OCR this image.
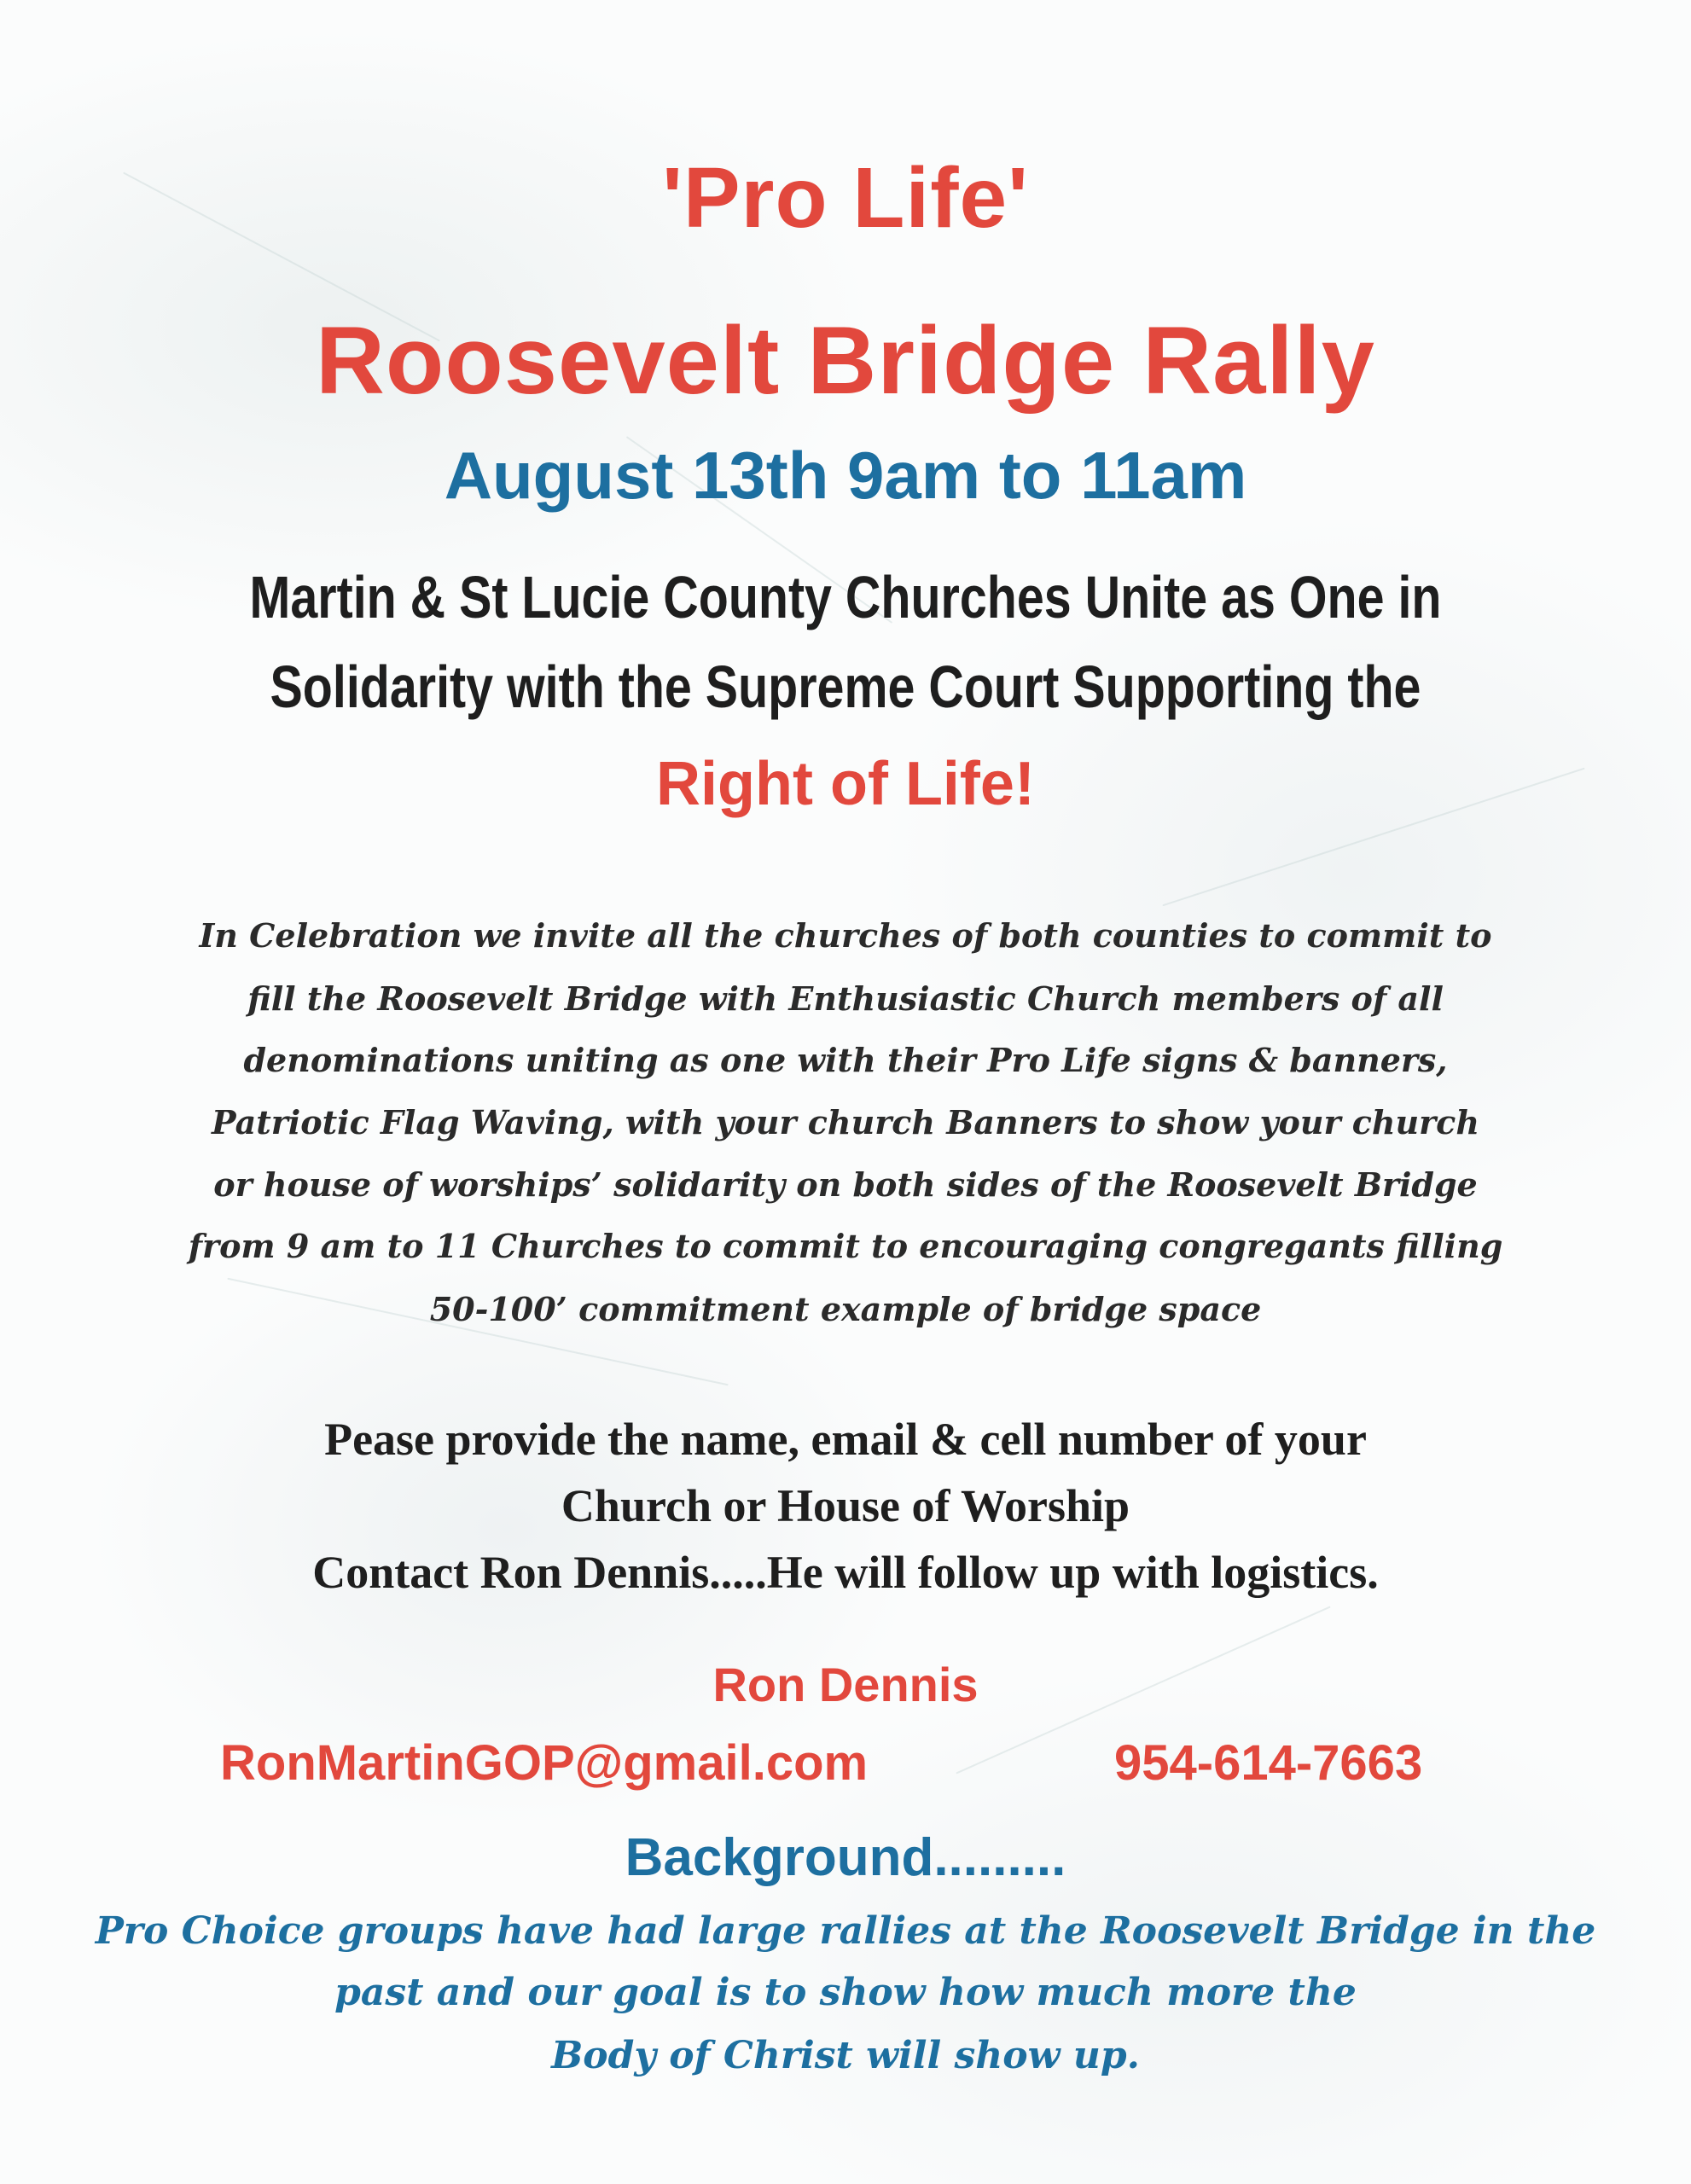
'Pro Life'
Roosevelt Bridge Rally
August 13th 9am to 11am

Martin & St Lucie County Churches Unite as One in

Solidarity with the Supreme Court Supporting the

Right of Life!

In Celebration we invite all the churches of both counties to commit to

fill the Roosevelt Bridge with Enthusiastic Church members of all

denominations uniting as one with their Pro Life signs & banners,

Patriotic Flag Waving, with your church Banners to show your church

or house of worships’ solidarity on both sides of the Roosevelt Bridge

from 9 am to 11 Churches to commit to encouraging congregants filling

50-100’ commitment example of bridge space

Pease provide the name, email & cell number of your

Church or House of Worship

Contact Ron Dennis.....He will follow up with logistics.

Ron Dennis

RonMartinGOP@gmail.com	954-614-7663
Background.........

Pro Choice groups have had large rallies at the Roosevelt Bridge in the

past and our goal is to show how much more the

Body of Christ will show up.
